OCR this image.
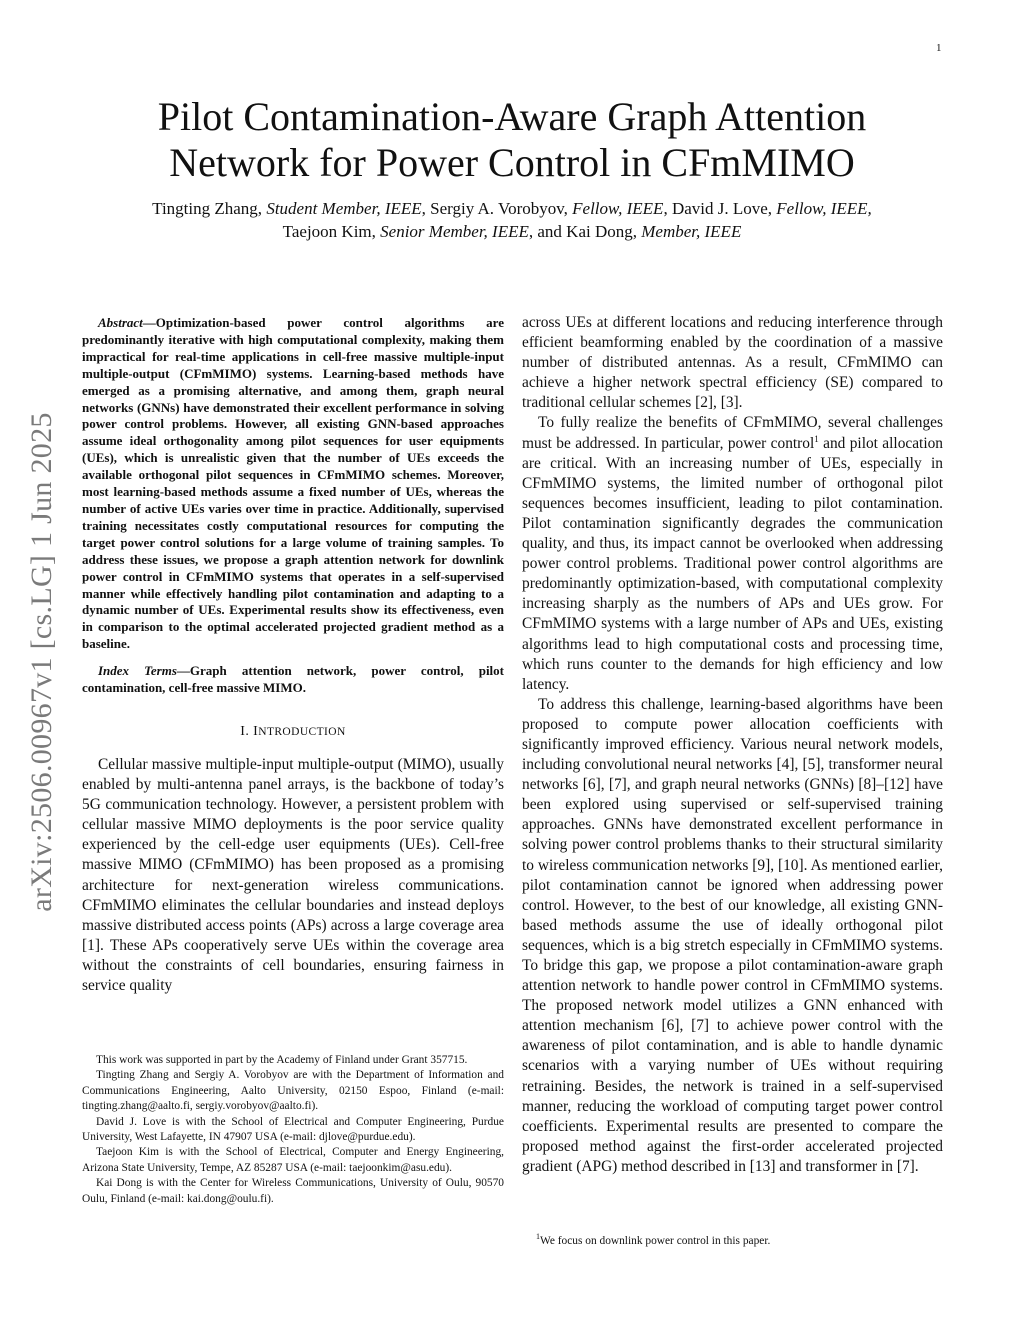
1
arXiv:2506.00967v1 [cs.LG] 1 Jun 2025
Pilot Contamination-Aware Graph Attention
Network for Power Control in CFmMIMO
Tingting Zhang, Student Member, IEEE, Sergiy A. Vorobyov, Fellow, IEEE, David J. Love, Fellow, IEEE,
Taejoon Kim, Senior Member, IEEE, and Kai Dong, Member, IEEE

Abstract—Optimization-based power control algorithms are predominantly iterative with high computational complexity, making them impractical for real-time applications in cell-free massive multiple-input multiple-output (CFmMIMO) systems. Learning-based methods have emerged as a promising alternative, and among them, graph neural networks (GNNs) have demonstrated their excellent performance in solving power control problems. However, all existing GNN-based approaches assume ideal orthogonality among pilot sequences for user equipments (UEs), which is unrealistic given that the number of UEs exceeds the available orthogonal pilot sequences in CFmMIMO schemes. Moreover, most learning-based methods assume a fixed number of UEs, whereas the number of active UEs varies over time in practice. Additionally, supervised training necessitates costly computational resources for computing the target power control solutions for a large volume of training samples. To address these issues, we propose a graph attention network for downlink power control in CFmMIMO systems that operates in a self-supervised manner while effectively handling pilot contamination and adapting to a dynamic number of UEs. Experimental results show its effectiveness, even in comparison to the optimal accelerated projected gradient method as a baseline.

Index Terms—Graph attention network, power control, pilot contamination, cell-free massive MIMO.

I. INTRODUCTION

Cellular massive multiple-input multiple-output (MIMO), usually enabled by multi-antenna panel arrays, is the backbone of today’s 5G communication technology. However, a persistent problem with cellular massive MIMO deployments is the poor service quality experienced by the cell-edge user equipments (UEs). Cell-free massive MIMO (CFmMIMO) has been proposed as a promising architecture for next-generation wireless communications. CFmMIMO eliminates the cellular boundaries and instead deploys massive distributed access points (APs) across a large coverage area [1]. These APs cooperatively serve UEs within the coverage area without the constraints of cell boundaries, ensuring fairness in service quality

This work was supported in part by the Academy of Finland under Grant 357715.

Tingting Zhang and Sergiy A. Vorobyov are with the Department of Information and Communications Engineering, Aalto University, 02150 Espoo, Finland (e-mail: tingting.zhang@aalto.fi, sergiy.vorobyov@aalto.fi).

David J. Love is with the School of Electrical and Computer Engineering, Purdue University, West Lafayette, IN 47907 USA (e-mail: djlove@purdue.edu).

Taejoon Kim is with the School of Electrical, Computer and Energy Engineering, Arizona State University, Tempe, AZ 85287 USA (e-mail: taejoonkim@asu.edu).

Kai Dong is with the Center for Wireless Communications, University of Oulu, 90570 Oulu, Finland (e-mail: kai.dong@oulu.fi).

across UEs at different locations and reducing interference through efficient beamforming enabled by the coordination of a massive number of distributed antennas. As a result, CFmMIMO can achieve a higher network spectral efficiency (SE) compared to traditional cellular schemes [2], [3].

To fully realize the benefits of CFmMIMO, several challenges must be addressed. In particular, power control$^1$ and pilot allocation are critical. With an increasing number of UEs, especially in CFmMIMO systems, the limited number of orthogonal pilot sequences becomes insufficient, leading to pilot contamination. Pilot contamination significantly degrades the communication quality, and thus, its impact cannot be overlooked when addressing power control problems. Traditional power control algorithms are predominantly optimization-based, with computational complexity increasing sharply as the numbers of APs and UEs grow. For CFmMIMO systems with a large number of APs and UEs, existing algorithms lead to high computational costs and processing time, which runs counter to the demands for high efficiency and low latency.

To address this challenge, learning-based algorithms have been proposed to compute power allocation coefficients with significantly improved efficiency. Various neural network models, including convolutional neural networks [4], [5], transformer neural networks [6], [7], and graph neural networks (GNNs) [8]–[12] have been explored using supervised or self-supervised training approaches. GNNs have demonstrated excellent performance in solving power control problems thanks to their structural similarity to wireless communication networks [9], [10]. As mentioned earlier, pilot contamination cannot be ignored when addressing power control. However, to the best of our knowledge, all existing GNN-based methods assume the use of ideally orthogonal pilot sequences, which is a big stretch especially in CFmMIMO systems. To bridge this gap, we propose a pilot contamination-aware graph attention network to handle power control in CFmMIMO systems. The proposed network model utilizes a GNN enhanced with attention mechanism [6], [7] to achieve power control with the awareness of pilot contamination, and is able to handle dynamic scenarios with a varying number of UEs without requiring retraining. Besides, the network is trained in a self-supervised manner, reducing the workload of computing target power control coefficients. Experimental results are presented to compare the proposed method against the first-order accelerated projected gradient (APG) method described in [13] and transformer in [7].

$^1$We focus on downlink power control in this paper.
